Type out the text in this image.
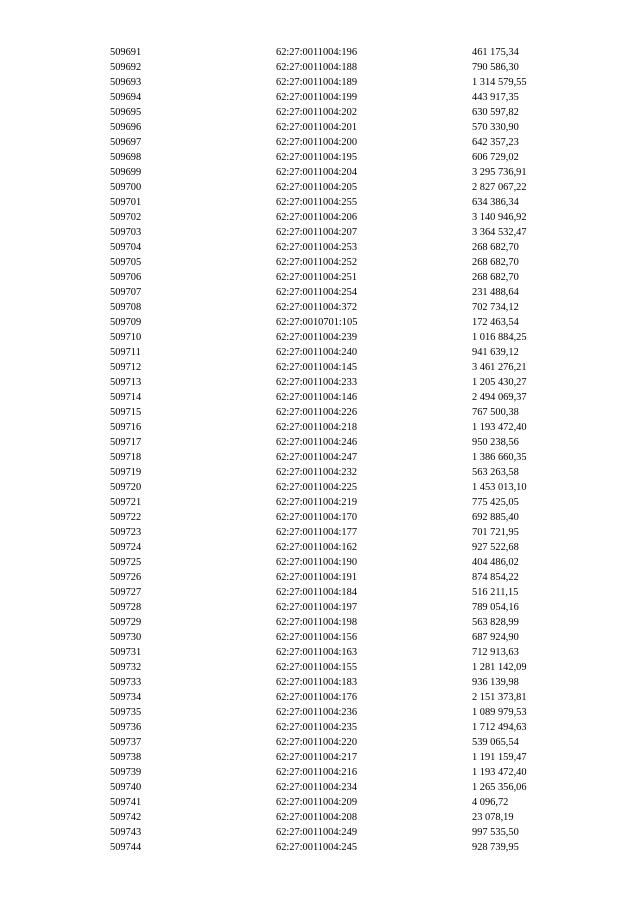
509691	62:27:0011004:196	461 175,34
509692	62:27:0011004:188	790 586,30
509693	62:27:0011004:189	1 314 579,55
509694	62:27:0011004:199	443 917,35
509695	62:27:0011004:202	630 597,82
509696	62:27:0011004:201	570 330,90
509697	62:27:0011004:200	642 357,23
509698	62:27:0011004:195	606 729,02
509699	62:27:0011004:204	3 295 736,91
509700	62:27:0011004:205	2 827 067,22
509701	62:27:0011004:255	634 386,34
509702	62:27:0011004:206	3 140 946,92
509703	62:27:0011004:207	3 364 532,47
509704	62:27:0011004:253	268 682,70
509705	62:27:0011004:252	268 682,70
509706	62:27:0011004:251	268 682,70
509707	62:27:0011004:254	231 488,64
509708	62:27:0011004:372	702 734,12
509709	62:27:0010701:105	172 463,54
509710	62:27:0011004:239	1 016 884,25
509711	62:27:0011004:240	941 639,12
509712	62:27:0011004:145	3 461 276,21
509713	62:27:0011004:233	1 205 430,27
509714	62:27:0011004:146	2 494 069,37
509715	62:27:0011004:226	767 500,38
509716	62:27:0011004:218	1 193 472,40
509717	62:27:0011004:246	950 238,56
509718	62:27:0011004:247	1 386 660,35
509719	62:27:0011004:232	563 263,58
509720	62:27:0011004:225	1 453 013,10
509721	62:27:0011004:219	775 425,05
509722	62:27:0011004:170	692 885,40
509723	62:27:0011004:177	701 721,95
509724	62:27:0011004:162	927 522,68
509725	62:27:0011004:190	404 486,02
509726	62:27:0011004:191	874 854,22
509727	62:27:0011004:184	516 211,15
509728	62:27:0011004:197	789 054,16
509729	62:27:0011004:198	563 828,99
509730	62:27:0011004:156	687 924,90
509731	62:27:0011004:163	712 913,63
509732	62:27:0011004:155	1 281 142,09
509733	62:27:0011004:183	936 139,98
509734	62:27:0011004:176	2 151 373,81
509735	62:27:0011004:236	1 089 979,53
509736	62:27:0011004:235	1 712 494,63
509737	62:27:0011004:220	539 065,54
509738	62:27:0011004:217	1 191 159,47
509739	62:27:0011004:216	1 193 472,40
509740	62:27:0011004:234	1 265 356,06
509741	62:27:0011004:209	4 096,72
509742	62:27:0011004:208	23 078,19
509743	62:27:0011004:249	997 535,50
509744	62:27:0011004:245	928 739,95
